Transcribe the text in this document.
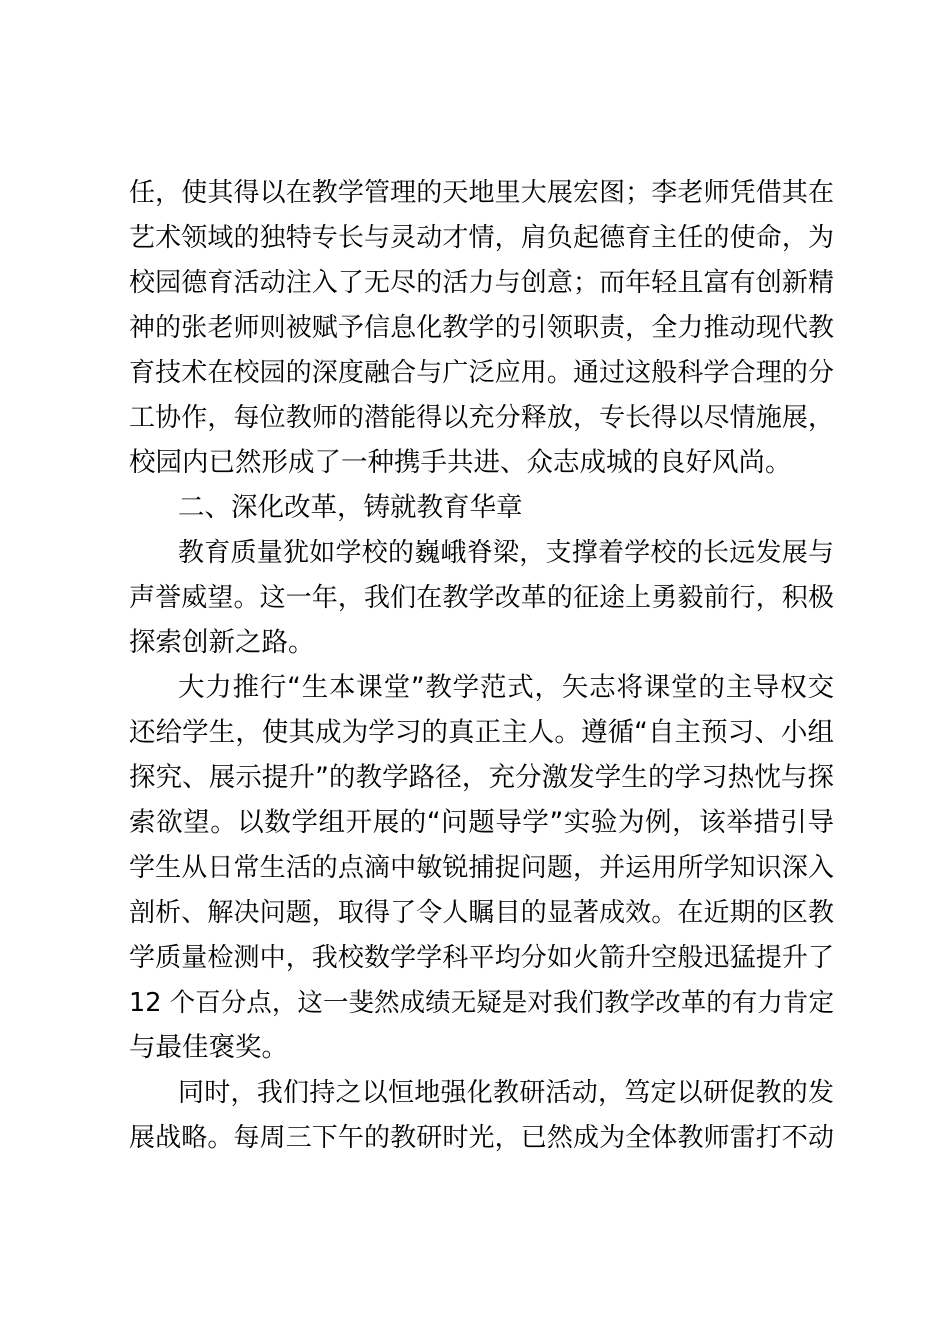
任，使其得以在教学管理的天地里大展宏图；李老师凭借其在
艺术领域的独特专长与灵动才情，肩负起德育主任的使命，为
校园德育活动注入了无尽的活力与创意；而年轻且富有创新精
神的张老师则被赋予信息化教学的引领职责，全力推动现代教
育技术在校园的深度融合与广泛应用。通过这般科学合理的分
工协作，每位教师的潜能得以充分释放，专长得以尽情施展，
校园内已然形成了一种携手共进、众志成城的良好风尚。
二、深化改革，铸就教育华章
教育质量犹如学校的巍峨脊梁，支撑着学校的长远发展与
声誉威望。这一年，我们在教学改革的征途上勇毅前行，积极
探索创新之路。
大力推行“生本课堂”教学范式，矢志将课堂的主导权交
还给学生，使其成为学习的真正主人。遵循“自主预习、小组
探究、展示提升”的教学路径，充分激发学生的学习热忱与探
索欲望。以数学组开展的“问题导学”实验为例，该举措引导
学生从日常生活的点滴中敏锐捕捉问题，并运用所学知识深入
剖析、解决问题，取得了令人瞩目的显著成效。在近期的区教
学质量检测中，我校数学学科平均分如火箭升空般迅猛提升了
12 个百分点，这一斐然成绩无疑是对我们教学改革的有力肯定
与最佳褒奖。
同时，我们持之以恒地强化教研活动，笃定以研促教的发
展战略。每周三下午的教研时光，已然成为全体教师雷打不动
